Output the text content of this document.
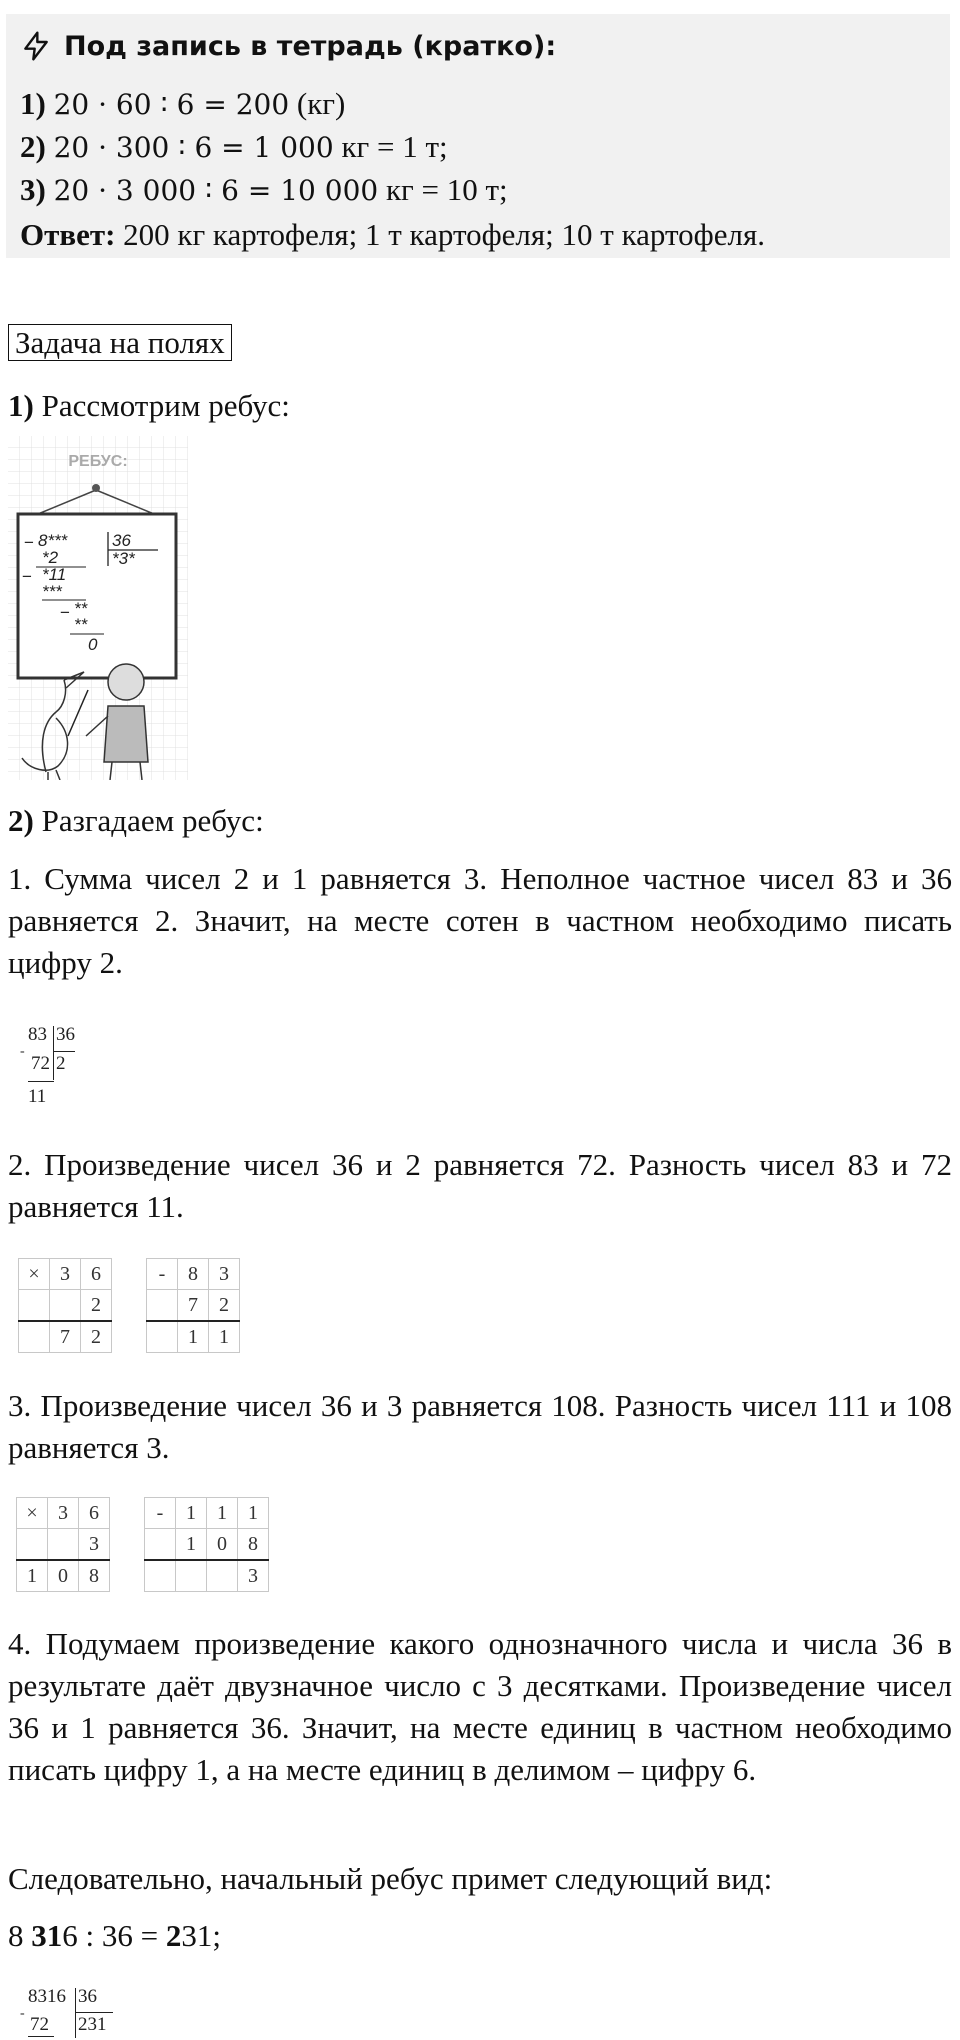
Под запись в тетрадь (кратко) :
1) 20 · 60 ∶ 6 = 200 (кг)
2) 20 · 300 ∶ 6 = 1 000 кг = 1 т;
3) 20 · 3 000 ∶ 6 = 10 000 кг = 10 т;
Ответ: 200 кг картофеля; 1 т картофеля; 10 т картофеля.
Задача на полях
1) Рассмотрим ребус:
РЕБУС:
8***	36
−
*2	*3*
− *11
***
− **
**
0
2) Разгадаем ребус:
1. Сумма чисел 2 и 1 равняется 3. Неполное частное чисел 83 и 36 равняется 2. Значит, на месте сотен в частном необходимо писать цифру 2.
83 36
-
72 2
11
2. Произведение чисел 36 и 2 равняется 72. Разность чисел 83 и 72 равняется 11.
×	3	6
		2
	7	2
-	8	3
	7	2
	1	1
3. Произведение чисел 36 и 3 равняется 108. Разность чисел 111 и 108 равняется 3.
×	3	6
		3
1	0	8
-	1	1	1
	1	0	8
			3
4. Подумаем произведение какого однозначного числа и числа 36 в результате даёт двузначное число с 3 десятками. Произведение чисел 36 и 1 равняется 36. Значит, на месте единиц в частном необходимо писать цифру 1, а на месте единиц в делимом – цифру 6.
Следовательно, начальный ребус примет следующий вид:
8 316 : 36 = 231;
8316 36
-
72 231
